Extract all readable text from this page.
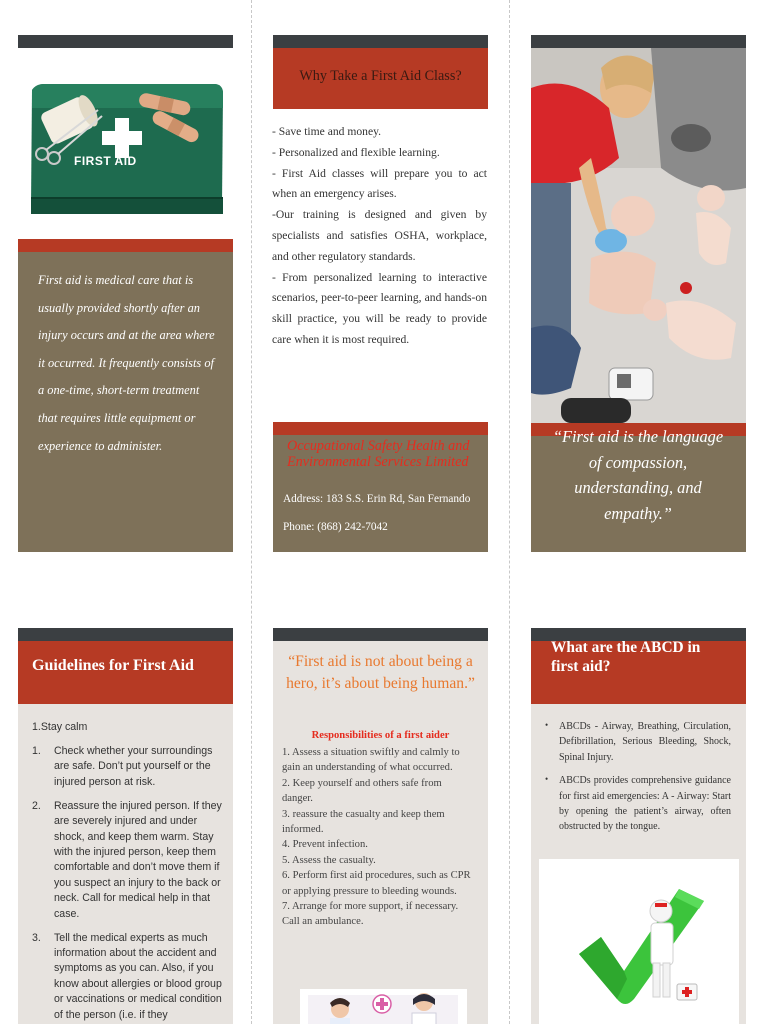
FIRST AID

First aid is medical care that is usually provided shortly after an injury occurs and at the area where it occurred. It frequently consists of a one-time, short-term treatment that requires little equipment or experience to administer.

Why Take a First Aid Class?

- Save time and money.

- Personalized and flexible learning.

- First Aid classes will prepare you to act when an emergency arises.

-Our training is designed and given by specialists and satisfies OSHA, workplace, and other regulatory standards.

- From personalized learning to interactive scenarios, peer-to-peer learning, and hands-on skill practice, you will be ready to provide care when it is most required.

Occupational Safety Health and Environmental Services Limited

Address: 183 S.S. Erin Rd, San Fernando

Phone: (868) 242-7042

“First aid is the language of compassion, understanding, and empathy.”

Guidelines for First Aid
1.Stay calm
1. Check whether your surroundings are safe. Don’t put yourself or the injured person at risk.
2. Reassure the injured person. If they are severely injured and under shock, and keep them warm. Stay with the injured person, keep them comfortable and don’t move them if you suspect an injury to the back or neck. Call for medical help in that case.
3. Tell the medical experts as much information about the accident and symptoms as you can. Also, if you know about allergies or blood group or vaccinations or medical condition of the person (i.e. if they

“First aid is not about being a hero, it’s about being human.”

Responsibilities of a first aider

1. Assess a situation swiftly and calmly to gain an understanding of what occurred.

2. Keep yourself and others safe from danger.

3. reassure the casualty and keep them informed.

4. Prevent infection.

5. Assess the casualty.

6. Perform first aid procedures, such as CPR or applying pressure to bleeding wounds.

7. Arrange for more support, if necessary. Call an ambulance.

What are the ABCD in first aid?

• ABCDs - Airway, Breathing, Circulation, Defibrillation, Serious Bleeding, Shock, Spinal Injury.

• ABCDs provides comprehensive guidance for first aid emergencies: A - Airway: Start by opening the patient’s airway, often obstructed by the tongue.
